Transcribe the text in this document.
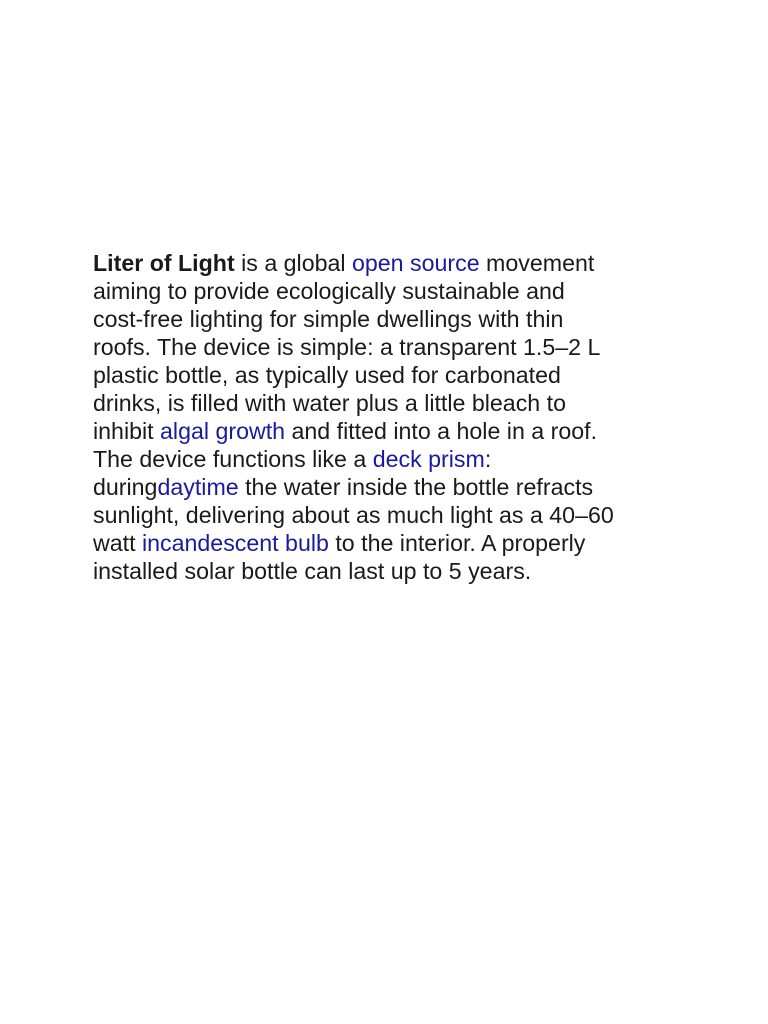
Liter of Light is a global open source movement
aiming to provide ecologically sustainable and
cost-free lighting for simple dwellings with thin
roofs. The device is simple: a transparent 1.5–2 L
plastic bottle, as typically used for carbonated
drinks, is filled with water plus a little bleach to
inhibit algal growth and fitted into a hole in a roof.
The device functions like a deck prism:
duringdaytime the water inside the bottle refracts
sunlight, delivering about as much light as a 40–60
watt incandescent bulb to the interior. A properly
installed solar bottle can last up to 5 years.
